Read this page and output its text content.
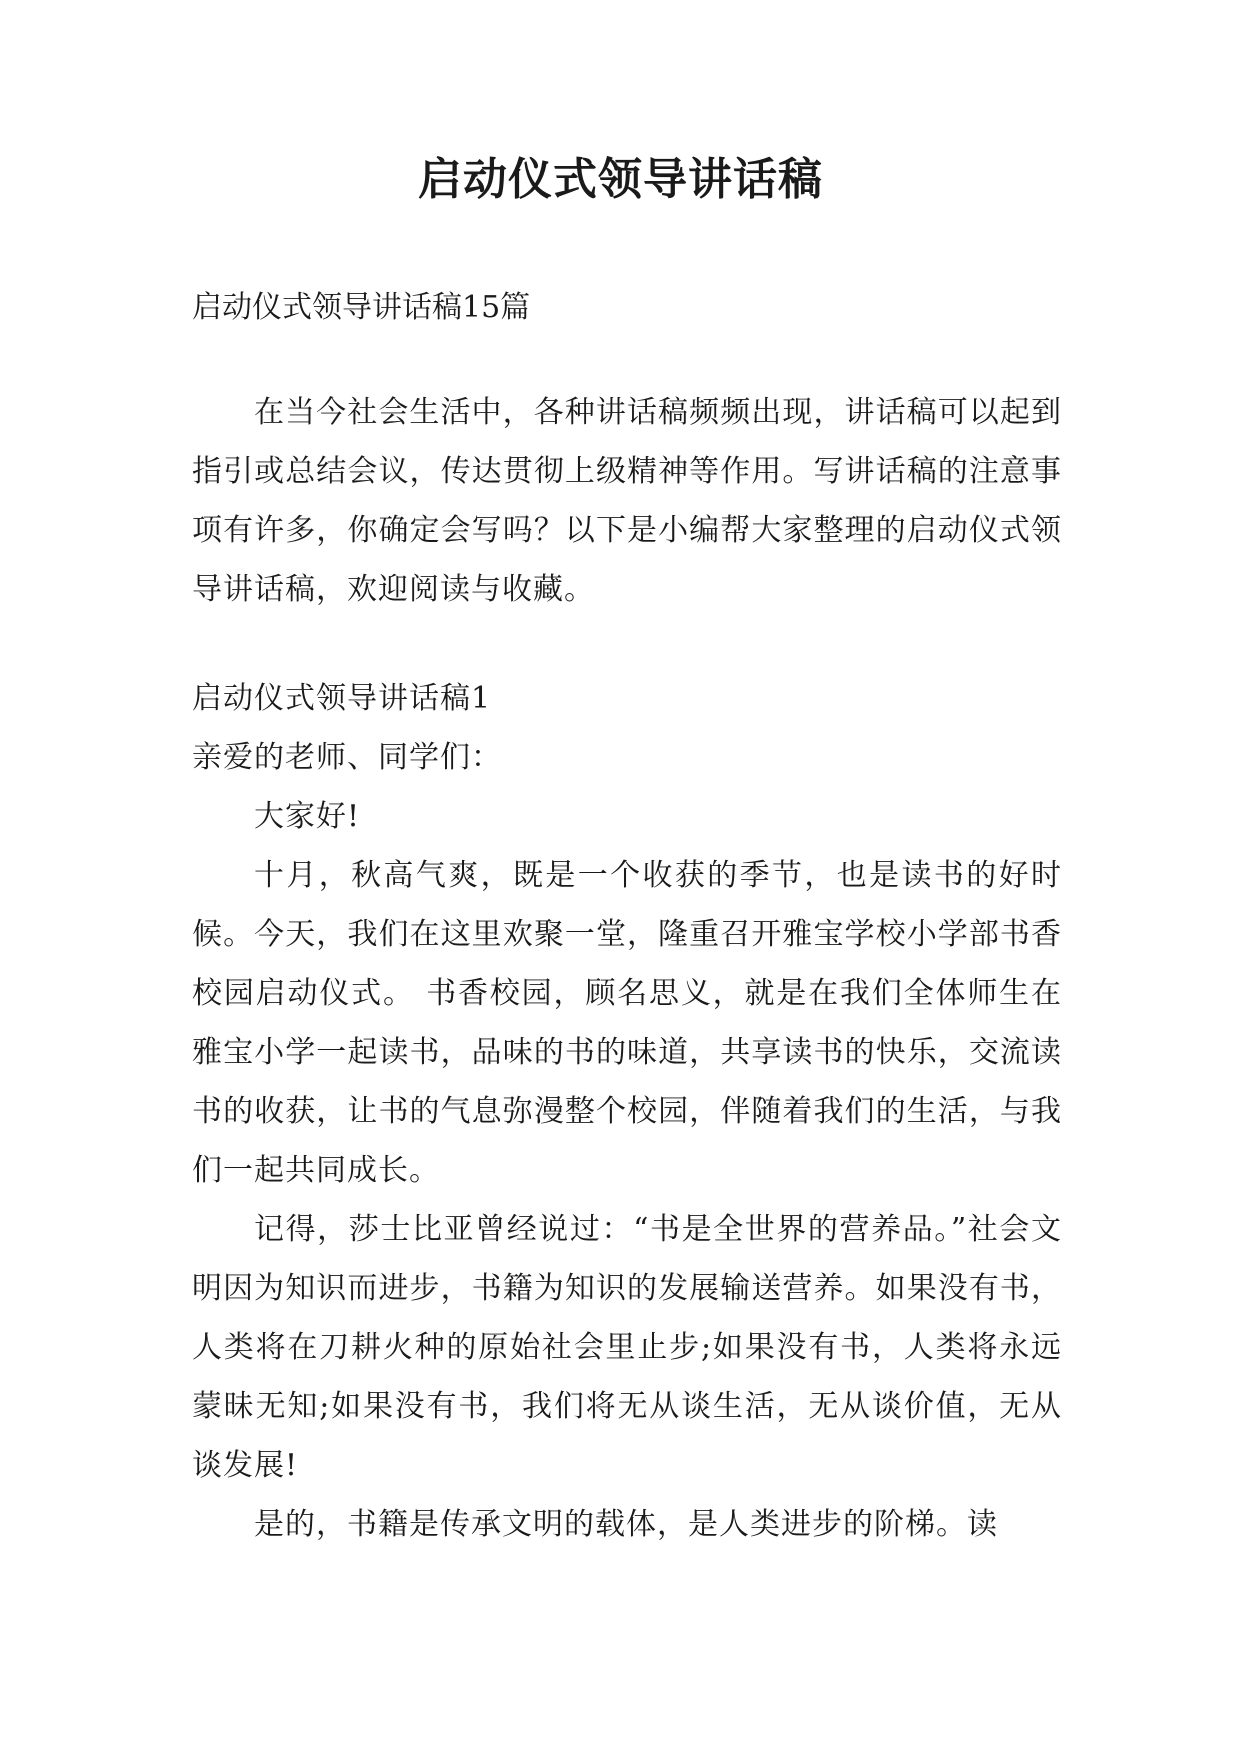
启动仪式领导讲话稿

启动仪式领导讲话稿15篇

在当今社会生活中，各种讲话稿频频出现，讲话稿可以起到指引或总结会议，传达贯彻上级精神等作用。写讲话稿的注意事项有许多，你确定会写吗？以下是小编帮大家整理的启动仪式领导讲话稿，欢迎阅读与收藏。

启动仪式领导讲话稿1

亲爱的老师、同学们：

大家好!

十月，秋高气爽，既是一个收获的季节，也是读书的好时候。今天，我们在这里欢聚一堂，隆重召开雅宝学校小学部书香校园启动仪式。 书香校园，顾名思义，就是在我们全体师生在雅宝小学一起读书，品味的书的味道，共享读书的快乐，交流读书的收获，让书的气息弥漫整个校园，伴随着我们的生活，与我们一起共同成长。

记得，莎士比亚曾经说过：“书是全世界的营养品。”社会文明因为知识而进步，书籍为知识的发展输送营养。如果没有书，人类将在刀耕火种的原始社会里止步;如果没有书，人类将永远蒙昧无知;如果没有书，我们将无从谈生活，无从谈价值，无从谈发展!

是的，书籍是传承文明的载体，是人类进步的阶梯。读
